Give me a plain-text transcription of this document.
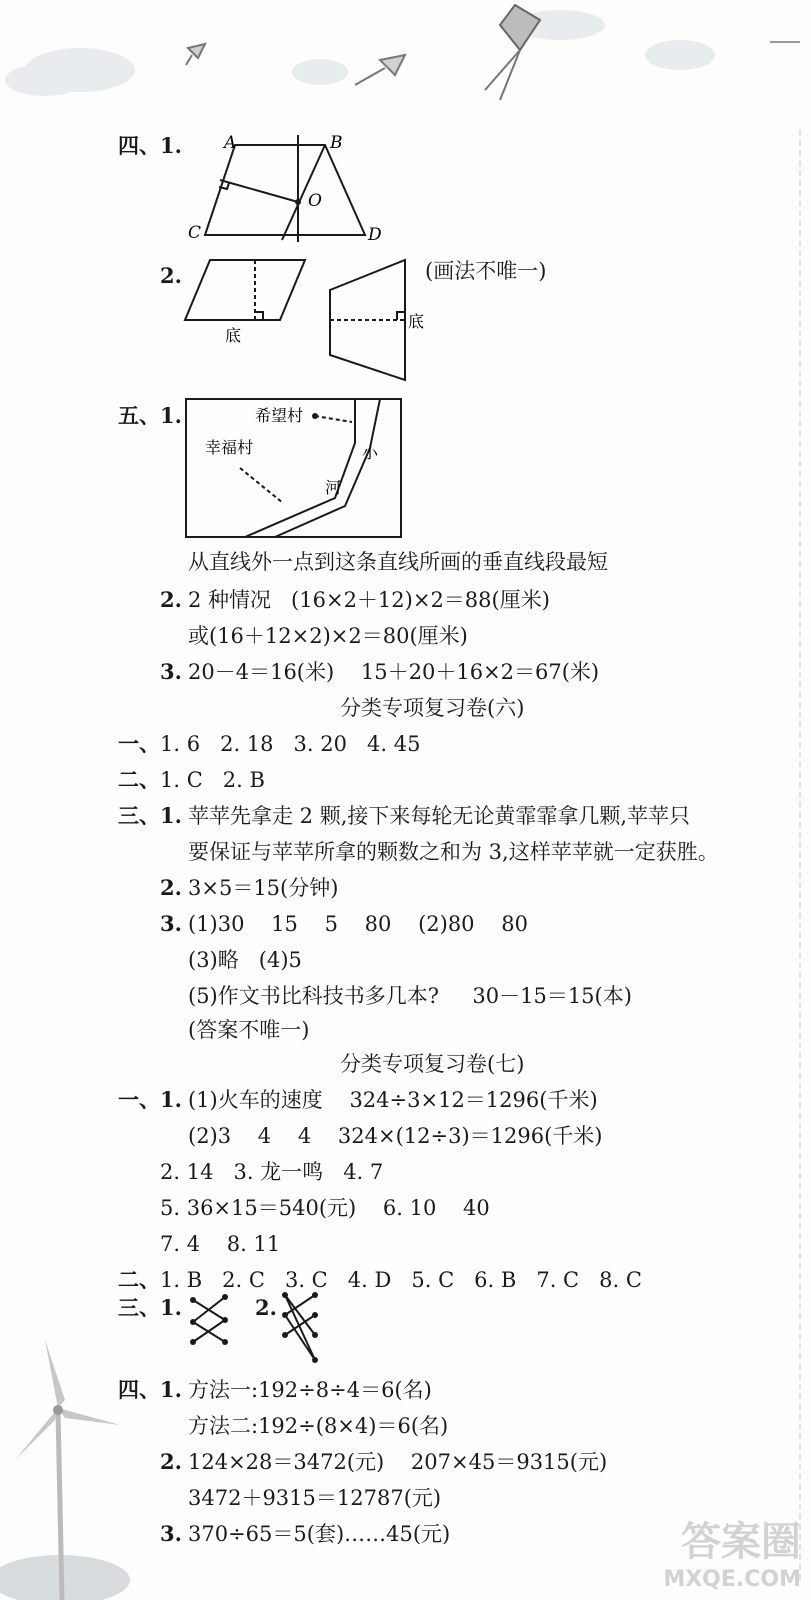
四、1. A	B
C	D
O
2.
底
底
(画法不唯一)
五、1.	希望村
幸福村	小
河
从直线外一点到这条直线所画的垂直线段最短
2. 2 种情况   (16×2＋12)×2＝88(厘米)
或(16＋12×2)×2＝80(厘米)
3. 20－4＝16(米)    15＋20＋16×2＝67(米)
分类专项复习卷(六)
一、 1. 6   2. 18   3. 20   4. 45
二、 1. C   2. B
三、1. 苹苹先拿走 2 颗,接下来每轮无论黄霏霏拿几颗,苹苹只
要保证与苹苹所拿的颗数之和为 3,这样苹苹就一定获胜。
2. 3×5＝15(分钟)
3. (1)30    15    5    80    (2)80    80
(3)略   (4)5
(5)作文书比科技书多几本?     30－15＝15(本)
(答案不唯一)
分类专项复习卷(七)
一、1. (1)火车的速度    324÷3×12＝1296(千米)
(2)3    4    4    324×(12÷3)＝1296(千米)
2. 14   3. 龙一鸣   4. 7
5. 36×15＝540(元)    6. 10    40
7. 4    8. 11
二、 1. B   2. C   3. C   4. D   5. C   6. B   7. C   8. C
三、1.	2.
四、1. 方法一:192÷8÷4＝6(名)
方法二:192÷(8×4)＝6(名)
2. 124×28＝3472(元)    207×45＝9315(元)
3472＋9315＝12787(元)
3. 370÷65＝5(套)……45(元)	答案圈
MXQE.COM
